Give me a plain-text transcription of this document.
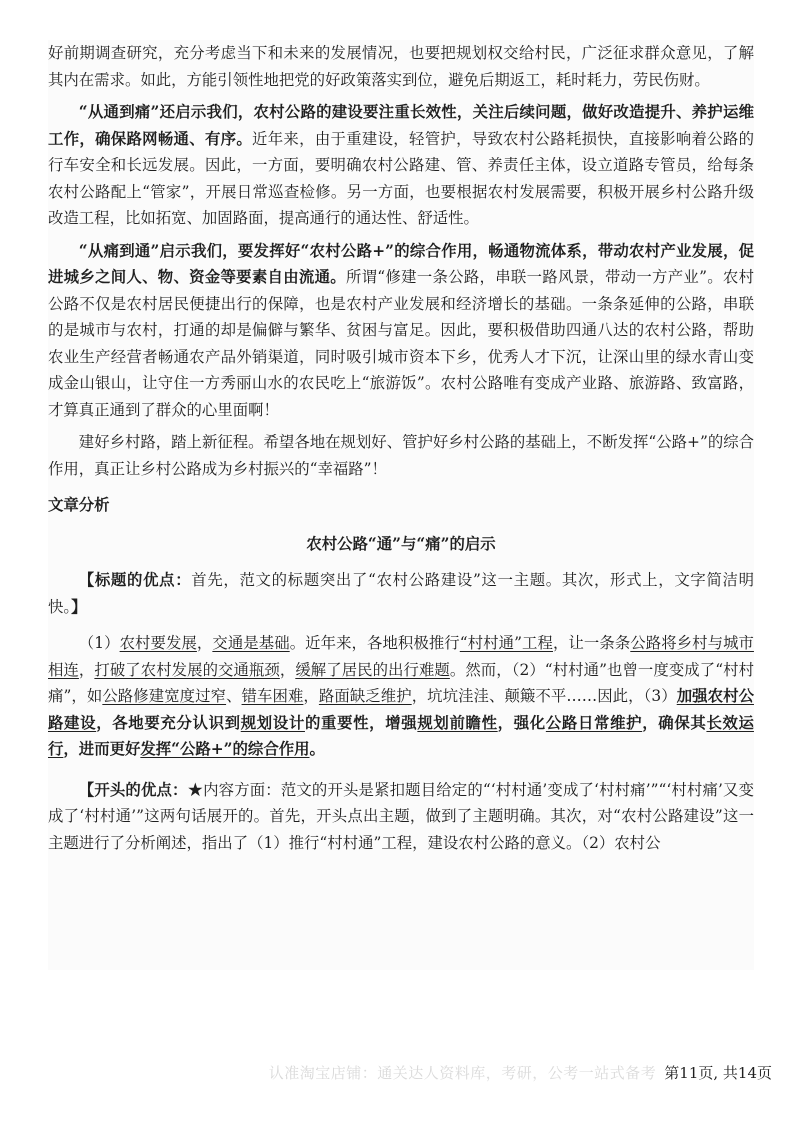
好前期调查研究，充分考虑当下和未来的发展情况，也要把规划权交给村民，广泛征求群众意见，了解其内在需求。如此，方能引领性地把党的好政策落实到位，避免后期返工，耗时耗力，劳民伤财。

“从通到痛”还启示我们，农村公路的建设要注重长效性，关注后续问题，做好改造提升、养护运维工作，确保路网畅通、有序。近年来，由于重建设，轻管护，导致农村公路耗损快，直接影响着公路的行车安全和长远发展。因此，一方面，要明确农村公路建、管、养责任主体，设立道路专管员，给每条农村公路配上“管家”，开展日常巡查检修。另一方面，也要根据农村发展需要，积极开展乡村公路升级改造工程，比如拓宽、加固路面，提高通行的通达性、舒适性。

“从痛到通”启示我们，要发挥好“农村公路+”的综合作用，畅通物流体系，带动农村产业发展，促进城乡之间人、物、资金等要素自由流通。所谓“修建一条公路，串联一路风景，带动一方产业”。农村公路不仅是农村居民便捷出行的保障，也是农村产业发展和经济增长的基础。一条条延伸的公路，串联的是城市与农村，打通的却是偏僻与繁华、贫困与富足。因此，要积极借助四通八达的农村公路，帮助农业生产经营者畅通农产品外销渠道，同时吸引城市资本下乡，优秀人才下沉，让深山里的绿水青山变成金山银山，让守住一方秀丽山水的农民吃上“旅游饭”。农村公路唯有变成产业路、旅游路、致富路，才算真正通到了群众的心里面啊！

建好乡村路，踏上新征程。希望各地在规划好、管护好乡村公路的基础上，不断发挥“公路+”的综合作用，真正让乡村公路成为乡村振兴的“幸福路”！

文章分析

农村公路“通”与“痛”的启示

【标题的优点：首先，范文的标题突出了“农村公路建设”这一主题。其次，形式上，文字简洁明快。】

（1）农村要发展，交通是基础。近年来，各地积极推行“村村通”工程，让一条条公路将乡村与城市相连，打破了农村发展的交通瓶颈，缓解了居民的出行难题。然而，（2）“村村通”也曾一度变成了“村村痛”，如公路修建宽度过窄、错车困难，路面缺乏维护，坑坑洼洼、颠簸不平……因此，（3）加强农村公路建设，各地要充分认识到规划设计的重要性，增强规划前瞻性，强化公路日常维护，确保其长效运行，进而更好发挥“公路+”的综合作用。

【开头的优点：★内容方面：范文的开头是紧扣题目给定的“‘村村通’变成了‘村村痛’”“‘村村痛’又变成了‘村村通’”这两句话展开的。首先，开头点出主题，做到了主题明确。其次，对“农村公路建设”这一主题进行了分析阐述，指出了（1）推行“村村通”工程，建设农村公路的意义。（2）农村公

认准淘宝店铺：通关达人资料库，考研，公考一站式备考 第11页, 共14页
